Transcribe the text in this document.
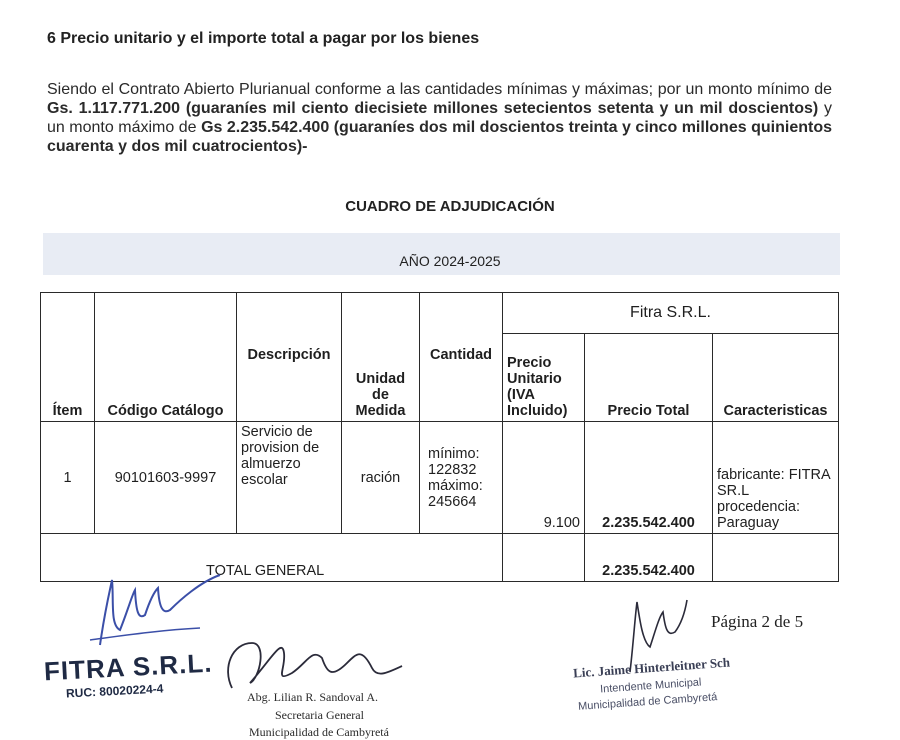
6 Precio unitario y el importe total a pagar por los bienes
Siendo el Contrato Abierto Plurianual conforme a las cantidades mínimas y máximas; por un monto mínimo de Gs. 1.117.771.200 (guaraníes mil ciento diecisiete millones setecientos setenta y un mil doscientos) y un monto máximo de Gs 2.235.542.400 (guaraníes dos mil doscientos treinta y cinco millones quinientos cuarenta y dos mil cuatrocientos)-
CUADRO DE ADJUDICACIÓN
AÑO 2024-2025
Ítem	Código Catálogo	Descripción	Unidad de Medida	Cantidad	Fitra S.R.L.		
					Precio Unitario (IVA Incluido)	Precio Total	Caracteristicas
1	90101603-9997	Servicio de provision de almuerzo escolar	ración	mínimo: 122832 máximo: 245664	9.100	2.235.542.400	fabricante: FITRA SR.L procedencia: Paraguay
TOTAL GENERAL						2.235.542.400	
Página 2 de 5
FITRA S.R.L.
RUC: 80020224-4	Abg. Lilian R. Sandoval A.
Secretaria General
Municipalidad de Cambyretá
Lic. Jaime Hinterleitner Sch
Intendente Municipal
Municipalidad de Cambyretá
